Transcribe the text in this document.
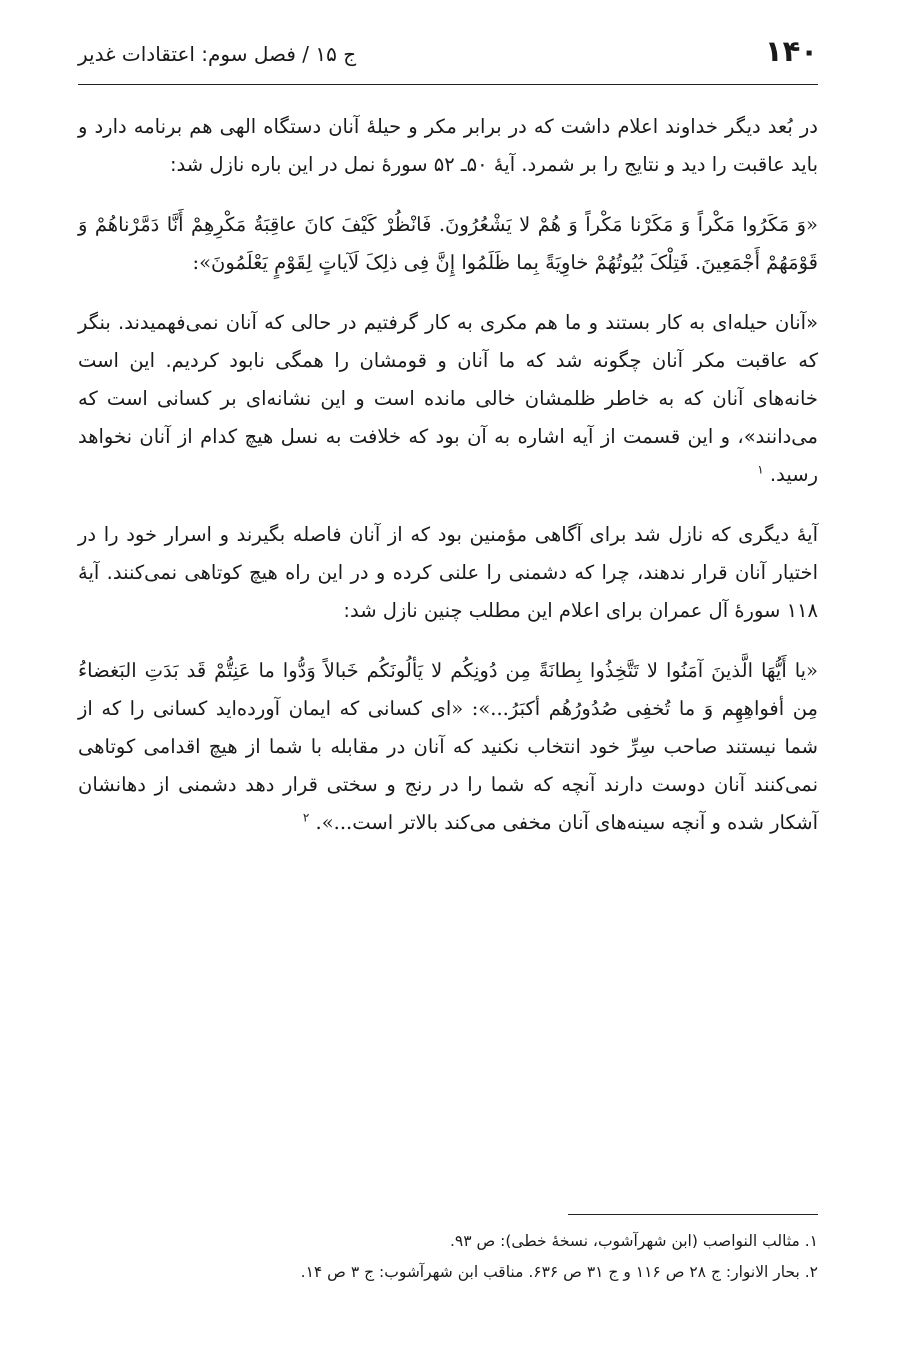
۱۴۰
ج ۱۵ / فصل سوم: اعتقادات غدیر

در بُعد دیگر خداوند اعلام داشت که در برابر مکر و حیلهٔ آنان دستگاه الهی هم برنامه دارد و باید عاقبت را دید و نتایج را بر شمرد. آیهٔ ۵۰ـ ۵۲ سورهٔ نمل در این باره نازل شد:

«وَ مَکَرُوا مَکْراً وَ مَکَرْنا مَکْراً وَ هُمْ لا یَشْعُرُونَ. فَانْظُرْ کَیْفَ کانَ عاقِبَةُ مَکْرِهِمْ أَنَّا دَمَّرْناهُمْ وَ قَوْمَهُمْ أَجْمَعِینَ. فَتِلْکَ بُیُوتُهُمْ خاوِیَةً بِما ظَلَمُوا إِنَّ فِی ذلِکَ لَآیاتٍ لِقَوْمٍ یَعْلَمُونَ»:

«آنان حیله‌ای به کار بستند و ما هم مکری به کار گرفتیم در حالی که آنان نمی‌فهمیدند. بنگر که عاقبت مکر آنان چگونه شد که ما آنان و قومشان را همگی نابود کردیم. این است خانه‌های آنان که به خاطر ظلمشان خالی مانده است و این نشانه‌ای بر کسانی است که می‌دانند»، و این قسمت از آیه اشاره به آن بود که خلافت به نسل هیچ کدام از آنان نخواهد رسید. $^۱$

آیهٔ دیگری که نازل شد برای آگاهی مؤمنین بود که از آنان فاصله بگیرند و اسرار خود را در اختیار آنان قرار ندهند، چرا که دشمنی را علنی کرده و در این راه هیچ کوتاهی نمی‌کنند. آیهٔ ۱۱۸ سورهٔ آل عمران برای اعلام این مطلب چنین نازل شد:

«یا أَیُّهَا الَّذینَ آمَنُوا لا تَتَّخِذُوا بِطانَةً مِن دُونِکُم لا یَألُونَکُم خَبالاً وَدُّوا ما عَنِتُّمْ قَد بَدَتِ البَغضاءُ مِن أفواهِهِم وَ ما تُخفِی صُدُورُهُم أکبَرُ...»: «ای کسانی که ایمان آورده‌اید کسانی را که از شما نیستند صاحب سِرِّ خود انتخاب نکنید که آنان در مقابله با شما از هیچ اقدامی کوتاهی نمی‌کنند آنان دوست دارند آنچه که شما را در رنج و سختی قرار دهد دشمنی از دهانشان آشکار شده و آنچه سینه‌های آنان مخفی می‌کند بالاتر است...». $^۲$

۱. مثالب النواصب (ابن شهرآشوب، نسخهٔ خطی): ص ۹۳.

۲. بحار الانوار: ج ۲۸ ص ۱۱۶ و ج ۳۱ ص ۶۳۶. مناقب ابن شهرآشوب: ج ۳ ص ۱۴.
